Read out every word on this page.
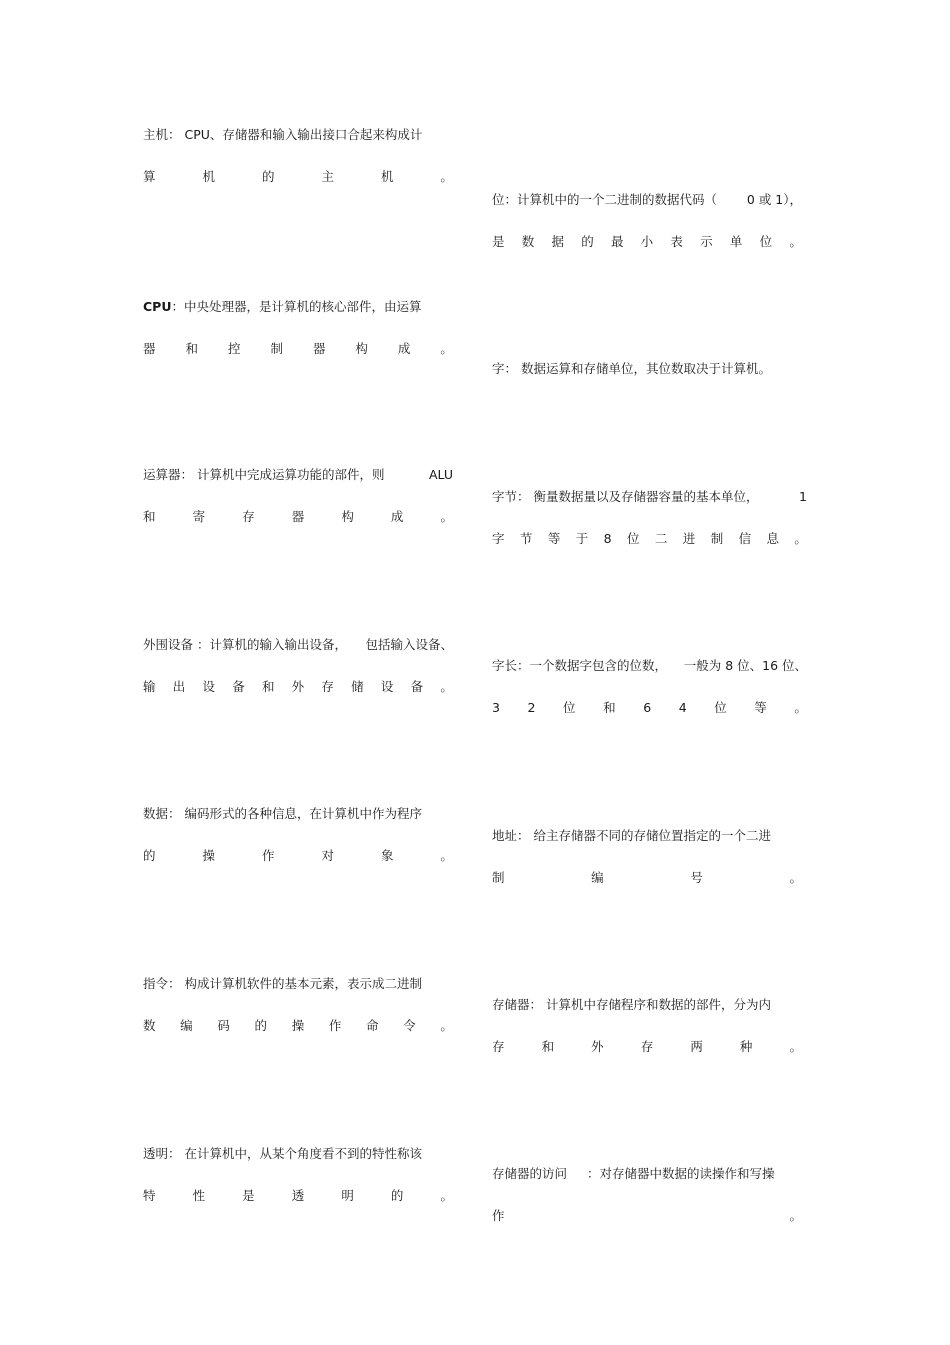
主机： CPU、存储器和输入输出接口合起来构成计
算	机	的	主	机	。
CPU：中央处理器，是计算机的核心部件，由运算
器 和 控 制 器 构 成 。
运算器： 计算机中完成运算功能的部件，则	ALU
和	寄	存	器	构	成	。
外围设备 ：计算机的输入输出设备， 包括输入设备、
输 出 设 备 和 外 存 储 设 备 。
数据： 编码形式的各种信息，在计算机中作为程序
的	操	作	对	象	。
指令： 构成计算机软件的基本元素，表示成二进制
数 编 码 的 操 作 命 令 。
透明： 在计算机中，从某个角度看不到的特性称该
特	性	是	透	明	的	。
位：计算机中的一个二进制的数据代码（ 0 或 1），
是 数 据 的 最 小 表 示 单 位 。
字： 数据运算和存储单位，其位数取决于计算机。
字节： 衡量数据量以及存储器容量的基本单位，	1
字 节 等 于 8 位 二 进 制 信 息 。
字长：一个数据字包含的位数， 一般为 8 位、16 位、
3 2 位 和 6 4 位 等 。
地址： 给主存储器不同的存储位置指定的一个二进
制	编	号	。
存储器： 计算机中存储程序和数据的部件，分为内
存	和	外	存	两	种	。
存储器的访问 ：对存储器中数据的读操作和写操
作	。
